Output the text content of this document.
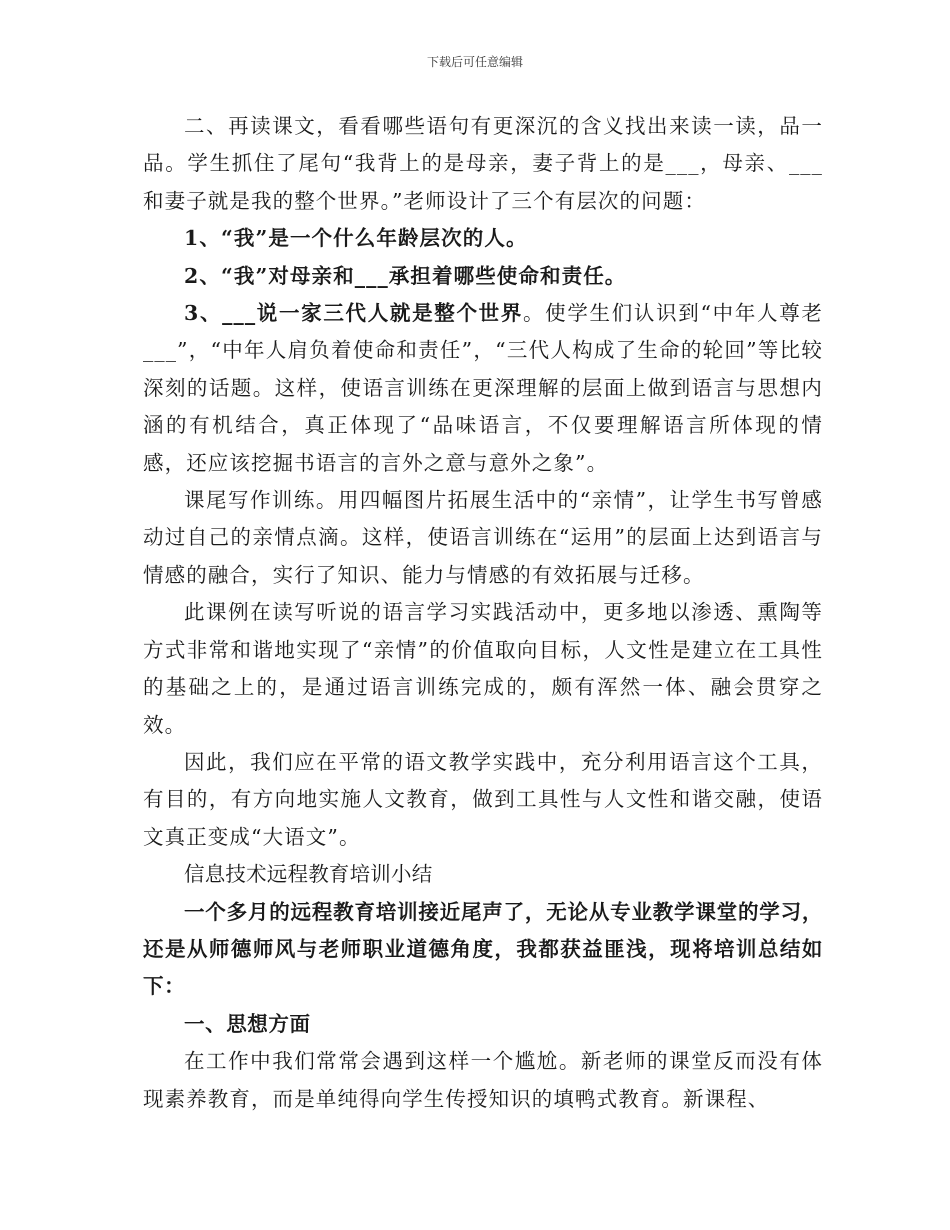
下载后可任意编辑

二、再读课文，看看哪些语句有更深沉的含义找出来读一读，品一品。学生抓住了尾句“我背上的是母亲，妻子背上的是___，母亲、___和妻子就是我的整个世界。”老师设计了三个有层次的问题：

1、“我”是一个什么年龄层次的人。

2、“我”对母亲和___承担着哪些使命和责任。

3、___说一家三代人就是整个世界。使学生们认识到“中年人尊老___”，“中年人肩负着使命和责任”，“三代人构成了生命的轮回”等比较深刻的话题。这样，使语言训练在更深理解的层面上做到语言与思想内涵的有机结合，真正体现了“品味语言，不仅要理解语言所体现的情感，还应该挖掘书语言的言外之意与意外之象”。

课尾写作训练。用四幅图片拓展生活中的“亲情”，让学生书写曾感动过自己的亲情点滴。这样，使语言训练在“运用”的层面上达到语言与情感的融合，实行了知识、能力与情感的有效拓展与迁移。

此课例在读写听说的语言学习实践活动中，更多地以渗透、熏陶等方式非常和谐地实现了“亲情”的价值取向目标，人文性是建立在工具性的基础之上的，是通过语言训练完成的，颇有浑然一体、融会贯穿之效。

因此，我们应在平常的语文教学实践中，充分利用语言这个工具，有目的，有方向地实施人文教育，做到工具性与人文性和谐交融，使语文真正变成“大语文”。

信息技术远程教育培训小结

一个多月的远程教育培训接近尾声了，无论从专业教学课堂的学习，还是从师德师风与老师职业道德角度，我都获益匪浅，现将培训总结如下：

一、思想方面

在工作中我们常常会遇到这样一个尴尬。新老师的课堂反而没有体现素养教育，而是单纯得向学生传授知识的填鸭式教育。新课程、
